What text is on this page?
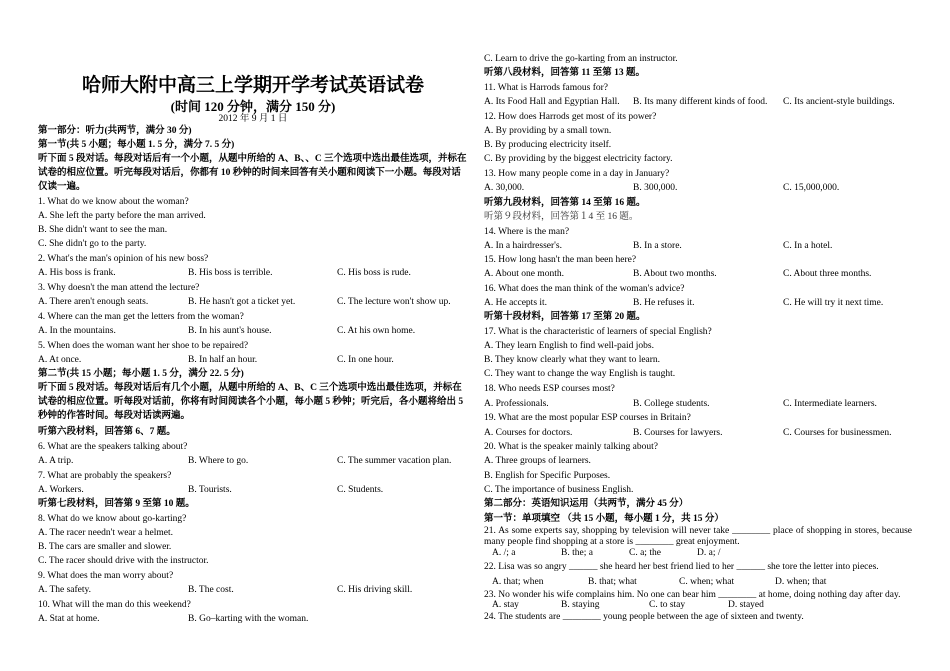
哈师大附中高三上学期开学考试英语试卷
(时间 120 分钟，满分 150 分)
2012 年 9 月 1 日
第一部分：听力(共两节，满分 30 分)
第一节(共 5 小题；每小题 1. 5 分，满分 7. 5 分)
听下面 5 段对话。每段对话后有一个小题，从题中所给的 A、B、、C 三个选项中选出最佳选项，并标在试卷的相应位置。听完每段对话后，你都有 10 秒钟的时间来回答有关小题和阅读下一小题。每段对话仅读一遍。
1. What do we know about the woman?
A. She left the party before the man arrived.
B. She didn't want to see the man.
C. She didn't go to the party.
2. What's the man's opinion of his new boss?
A. His boss is frank.	B. His boss is terrible.	C. His boss is rude.
3. Why doesn't the man attend the lecture?
A. There aren't enough seats.	B. He hasn't got a ticket yet.	C. The lecture won't show up.
4. Where can the man get the letters from the woman?
A. In the mountains.	B. In his aunt's house.	C. At his own home.
5. When does the woman want her shoe to be repaired?
A. At once.	B. In half an hour.	C. In one hour.
第二节(共 15 小题；每小题 1. 5 分，满分 22. 5 分)
听下面 5 段对话。每段对话后有几个小题，从题中所给的 A、B、C 三个选项中选出最佳选项，并标在试卷的相应位置。听每段对话前，你将有时间阅读各个小题，每小题 5 秒钟；听完后，各小题将给出 5 秒钟的作答时间。每段对话读两遍。
听第六段材料，回答第 6、7 题。
6. What are the speakers talking about?
A. A trip.	B. Where to go.	C. The summer vacation plan.
7. What are probably the speakers?
A. Workers.	B. Tourists.	C. Students.
听第七段材料，回答第 9 至第 10 题。
8. What do we know about go-karting?
A. The racer needn't wear a helmet.
B. The cars are smaller and slower.
C. The racer should drive with the instructor.
9. What does the man worry about?
A. The safety.	B. The cost.	C. His driving skill.
10. What will the man do this weekend?
A. Stat at home.	B. Go–karting with the woman.
C. Learn to drive the go-karting from an instructor.
听第八段材料，回答第 11 至第 13 题。
11. What is Harrods famous for?
A. Its Food Hall and Egyptian Hall. B. Its many different kinds of food. C. Its ancient-style buildings.
12. How does Harrods get most of its power?
A. By providing by a small town.
B. By producing electricity itself.
C. By providing by the biggest electricity factory.
13. How many people come in a day in January?
A. 30,000.	B. 300,000.	C. 15,000,000.
听第九段材料，回答第 14 至第 16 题。
听第９段材料，回答第１4 至 16 题。
14. Where is the man?
A. In a hairdresser's.	B. In a store.	C. In a hotel.
15. How long hasn't the man been here?
A. About one month.	B. About two months.	C. About three months.
16. What does the man think of the woman's advice?
A. He accepts it.	B. He refuses it.	C. He will try it next time.
听第十段材料，回答第 17 至第 20 题。
17. What is the characteristic of learners of special English?
A. They learn English to find well-paid jobs.
B. They know clearly what they want to learn.
C. They want to change the way English is taught.
18. Who needs ESP courses most?
A. Professionals.	B. College students.	C. Intermediate learners.
19. What are the most popular ESP courses in Britain?
A. Courses for doctors.	B. Courses for lawyers.	C. Courses for businessmen.
20. What is the speaker mainly talking about?
A. Three groups of learners.
B. English for Specific Purposes.
C. The importance of business English.
第二部分：英语知识运用（共两节，满分 45 分）
第一节：单项填空 （共 15 小题，每小题 1 分，共 15 分）
21. As some experts say, shopping by television will never take ________ place of shopping in stores, because many people find shopping at a store is ________ great enjoyment.
A. /; a	B. the; a	C. a; the	D. a; /
22. Lisa was so angry ______ she heard her best friend lied to her ______ she tore the letter into pieces.
A. that; when	B. that; what	C. when; what	D. when; that
23. No wonder his wife complains him. No one can bear him ________ at home, doing nothing day after day.
A. stay	B. staying	C. to stay	D. stayed
24. The students are ________ young people between the age of sixteen and twenty.
